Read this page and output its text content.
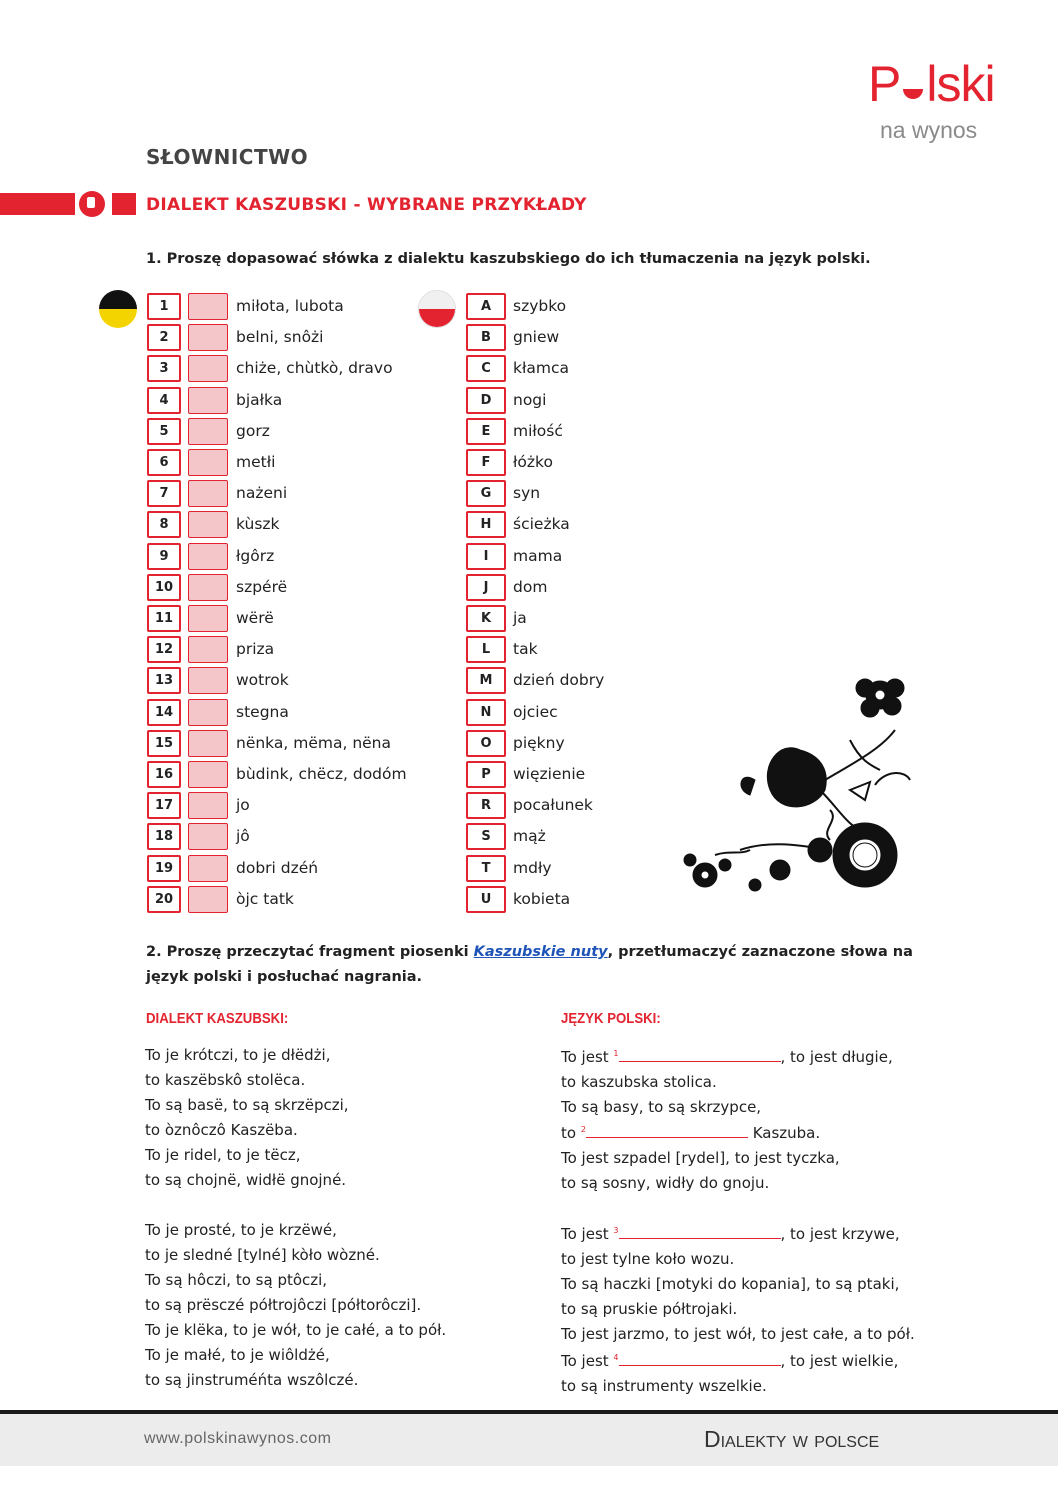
P lski
na wynos
SŁOWNICTWO
DIALEKT KASZUBSKI - WYBRANE PRZYKŁADY
1. Proszę dopasować słówka z dialektu kaszubskiego do ich tłumaczenia na język polski.
1	miłota, lubota
2	belni, snôżi
3	chiże, chùtkò, dravo
4	bjałka
5	gorz
6	metłi
7	nażeni
8	kùszk
9	łgôrz
10	szpérë
11	wërë
12	priza
13	wotrok
14	stegna
15	nënka, mëma, nëna
16	bùdink, chëcz, dodóm
17	jo
18	jô
19	dobri dzéń
20	òjc tatk
A	szybko
B	gniew
C	kłamca
D	nogi
E	miłość
F	łóżko
G	syn
H	ścieżka
I	mama
J	dom
K	ja
L	tak
M	dzień dobry
N	ojciec
O	piękny
P	więzienie
R	pocałunek
S	mąż
T	mdły
U	kobieta
2. Proszę przeczytać fragment piosenki Kaszubskie nuty, przetłumaczyć zaznaczone słowa na
język polski i posłuchać nagrania.
DIALEKT KASZUBSKI:	JĘZYK POLSKI:
To je krótczi, to je dłëdżi,
to kaszëbskô stolëca.
To są basë, to są skrzëpczi,
to òznôczô Kaszëba.
To je ridel, to je tëcz,
to są chojnë, widłë gnojné.
To je prosté, to je krzëwé,
to je sledné [tylné] kòło wòzné.
To są hôczi, to są ptôczi,
to są prësczé półtrojôczi [półtorôczi].
To je klëka, to je wół, to je całé, a to pół.
To je małé, to je wiôldżé,
to są jinstruméńta wszôlczé.
To jest $^1$	, to jest długie,
to kaszubska stolica.
To są basy, to są skrzypce,
to $^2$	Kaszuba.
To jest szpadel [rydel], to jest tyczka,
to są sosny, widły do gnoju.
To jest $^3$	, to jest krzywe,
to jest tylne koło wozu.
To są haczki [motyki do kopania], to są ptaki,
to są pruskie półtrojaki.
To jest jarzmo, to jest wół, to jest całe, a to pół.
To jest $^4$	, to jest wielkie,
to są instrumenty wszelkie.
www.polskinawynos.com	Dialekty w polsce
